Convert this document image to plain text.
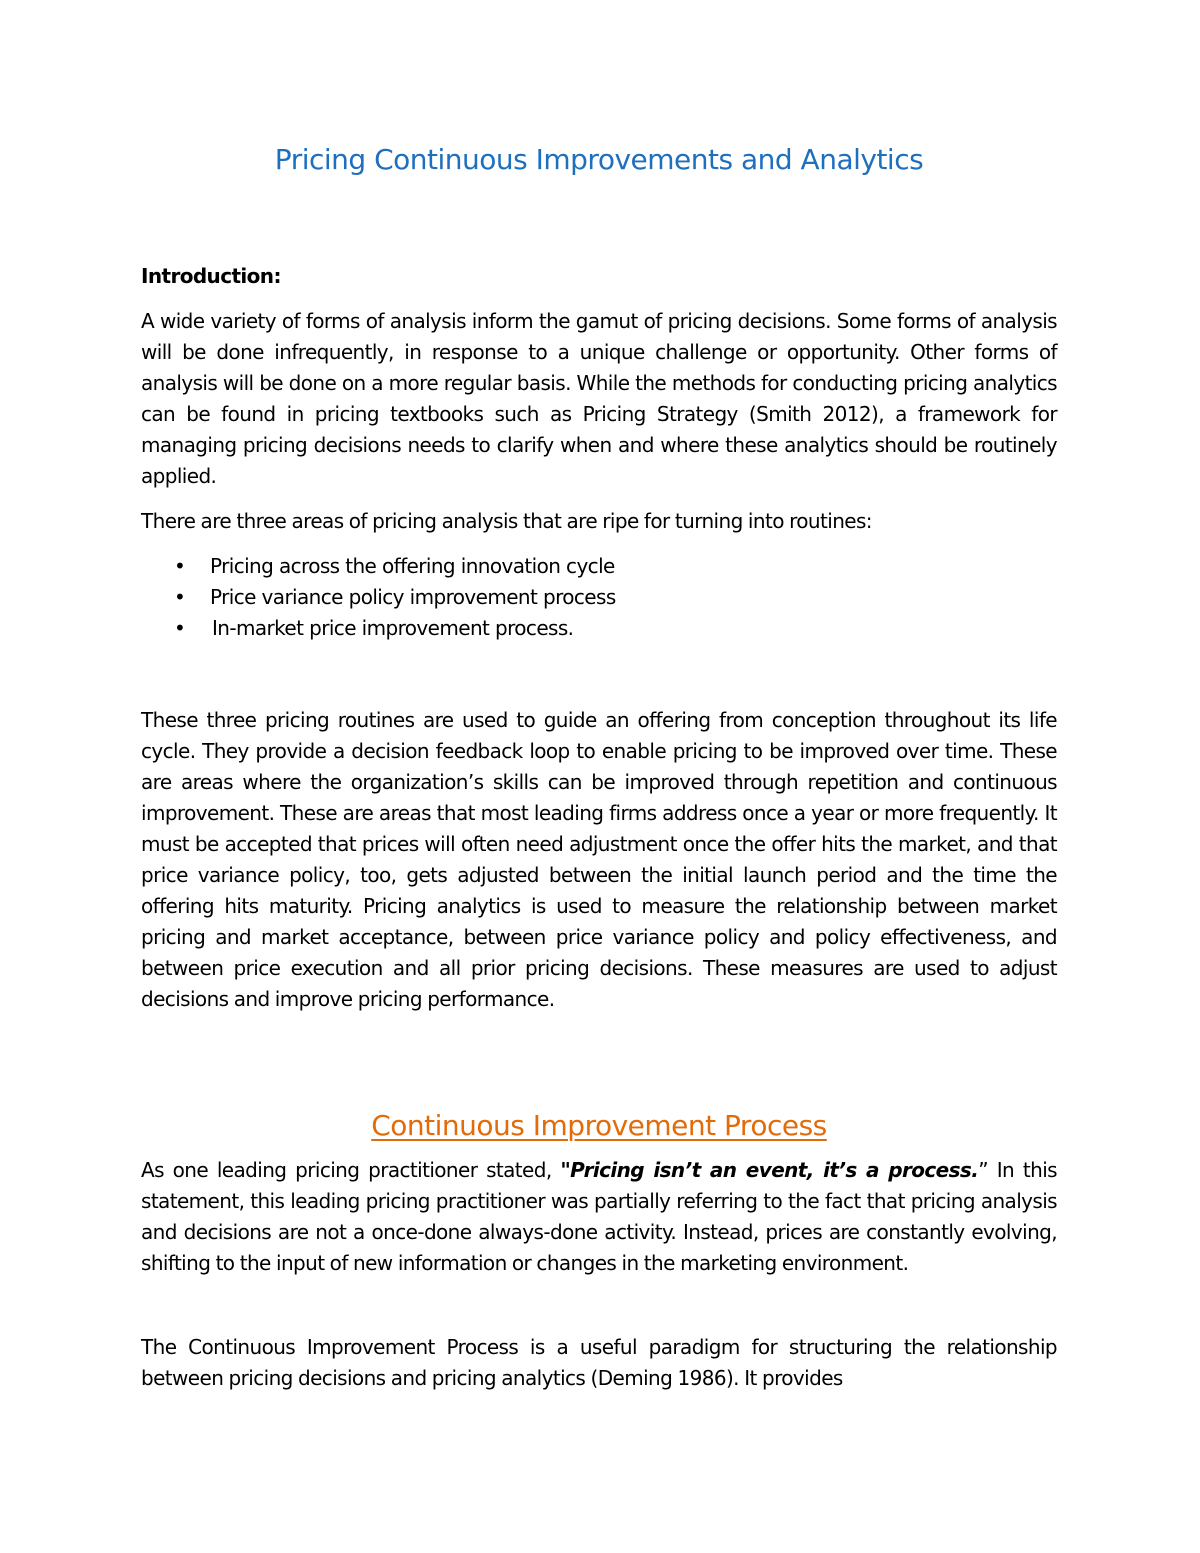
Pricing Continuous Improvements and Analytics
Introduction:

A wide variety of forms of analysis inform the gamut of pricing decisions. Some forms of analysis will be done infrequently, in response to a unique challenge or opportunity. Other forms of analysis will be done on a more regular basis. While the methods for conducting pricing analytics can be found in pricing textbooks such as Pricing Strategy (Smith 2012), a framework for managing pricing decisions needs to clarify when and where these analytics should be routinely applied.

There are three areas of pricing analysis that are ripe for turning into routines:

• Pricing across the offering innovation cycle
• Price variance policy improvement process
• In-market price improvement process.

These three pricing routines are used to guide an offering from conception throughout its life cycle. They provide a decision feedback loop to enable pricing to be improved over time. These are areas where the organization’s skills can be improved through repetition and continuous improvement. These are areas that most leading firms address once a year or more frequently. It must be accepted that prices will often need adjustment once the offer hits the market, and that price variance policy, too, gets adjusted between the initial launch period and the time the offering hits maturity. Pricing analytics is used to measure the relationship between market pricing and market acceptance, between price variance policy and policy effectiveness, and between price execution and all prior pricing decisions. These measures are used to adjust decisions and improve pricing performance.

Continuous Improvement Process

As one leading pricing practitioner stated, "Pricing isn’t an event, it’s a process.” In this statement, this leading pricing practitioner was partially referring to the fact that pricing analysis and decisions are not a once-done always-done activity. Instead, prices are constantly evolving, shifting to the input of new information or changes in the marketing environment.

The Continuous Improvement Process is a useful paradigm for structuring the relationship between pricing decisions and pricing analytics (Deming 1986). It provides
